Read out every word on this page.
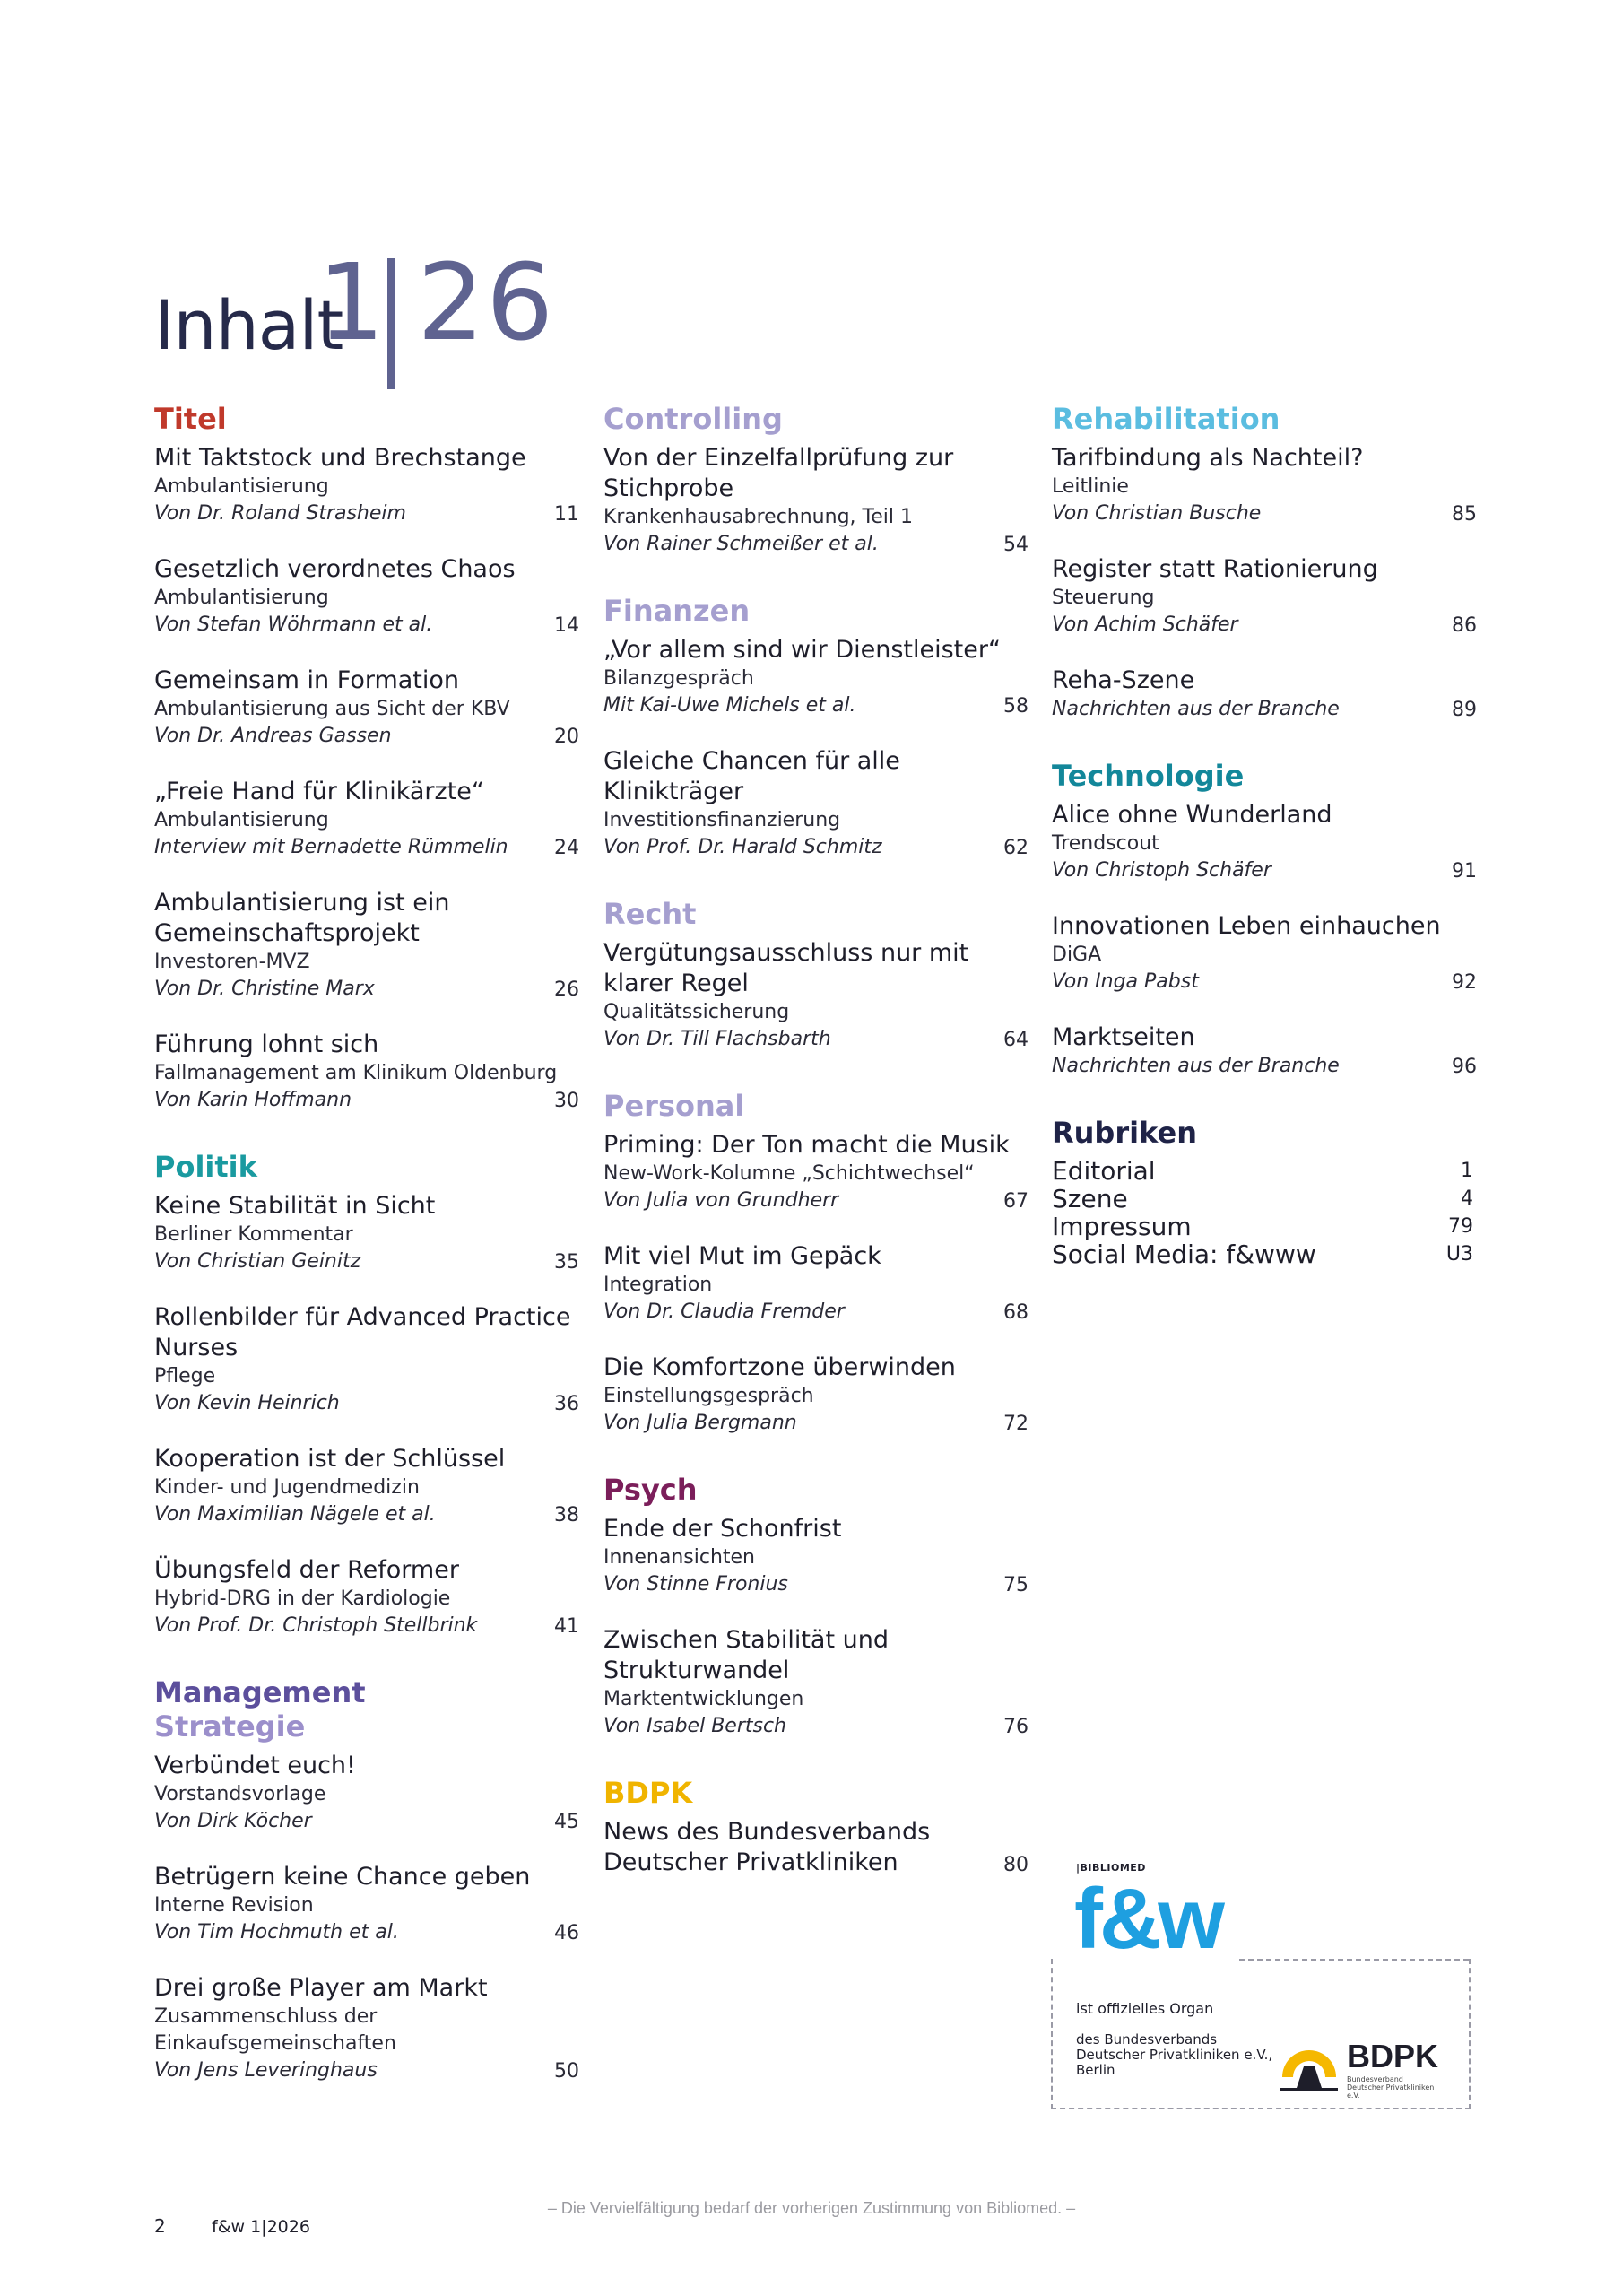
Inhalt
1 26
Titel
Mit Taktstock und Brechstange
Ambulantisierung
Von Dr. Roland Strasheim	11
Gesetzlich verordnetes Chaos
Ambulantisierung
Von Stefan Wöhrmann et al.	14
Gemeinsam in Formation
Ambulantisierung aus Sicht der KBV
Von Dr. Andreas Gassen	20
„Freie Hand für Klinikärzte“
Ambulantisierung
Interview mit Bernadette Rümmelin	24
Ambulantisierung ist ein Gemeinschaftsprojekt
Investoren-MVZ
Von Dr. Christine Marx	26
Führung lohnt sich
Fallmanagement am Klinikum Oldenburg
Von Karin Hoffmann	30
Politik
Keine Stabilität in Sicht
Berliner Kommentar
Von Christian Geinitz	35
Rollenbilder für Advanced Practice Nurses
Pflege
Von Kevin Heinrich	36
Kooperation ist der Schlüssel
Kinder- und Jugendmedizin
Von Maximilian Nägele et al.	38
Übungsfeld der Reformer
Hybrid-DRG in der Kardiologie
Von Prof. Dr. Christoph Stellbrink	41
Management
Strategie
Verbündet euch!
Vorstandsvorlage
Von Dirk Köcher	45
Betrügern keine Chance geben
Interne Revision
Von Tim Hochmuth et al.	46
Drei große Player am Markt
Zusammenschluss der Einkaufsgemeinschaften
Von Jens Leveringhaus	50
Controlling
Von der Einzelfallprüfung zur Stichprobe
Krankenhausabrechnung, Teil 1
Von Rainer Schmeißer et al.	54
Finanzen
„Vor allem sind wir Dienstleister“
Bilanzgespräch
Mit Kai-Uwe Michels et al.	58
Gleiche Chancen für alle Klinikträger
Investitionsfinanzierung
Von Prof. Dr. Harald Schmitz	62
Recht
Vergütungsausschluss nur mit klarer Regel
Qualitätssicherung
Von Dr. Till Flachsbarth	64
Personal
Priming: Der Ton macht die Musik
New-Work-Kolumne „Schichtwechsel“
Von Julia von Grundherr	67
Mit viel Mut im Gepäck
Integration
Von Dr. Claudia Fremder	68
Die Komfortzone überwinden
Einstellungsgespräch
Von Julia Bergmann	72
Psych
Ende der Schonfrist
Innenansichten
Von Stinne Fronius	75
Zwischen Stabilität und Strukturwandel
Marktentwicklungen
Von Isabel Bertsch	76
BDPK
News des Bundesverbands Deutscher Privatkliniken	80
Rehabilitation
Tarifbindung als Nachteil?
Leitlinie
Von Christian Busche	85
Register statt Rationierung
Steuerung
Von Achim Schäfer	86
Reha-Szene
Nachrichten aus der Branche	89
Technologie
Alice ohne Wunderland
Trendscout
Von Christoph Schäfer	91
Innovationen Leben einhauchen
DiGA
Von Inga Pabst	92
Marktseiten
Nachrichten aus der Branche	96
Rubriken
Editorial	1
Szene	4
Impressum	79
Social Media: f&www	U3
|BIBLIOMED
f&w
ist offizielles Organ
des Bundesverbands
Deutscher Privatkliniken e.V.,
Berlin	BDPK
Bundesverband
Deutscher Privatkliniken e.V.
– Die Vervielfältigung bedarf der vorherigen Zustimmung von Bibliomed. –
2	f&w 1|2026
